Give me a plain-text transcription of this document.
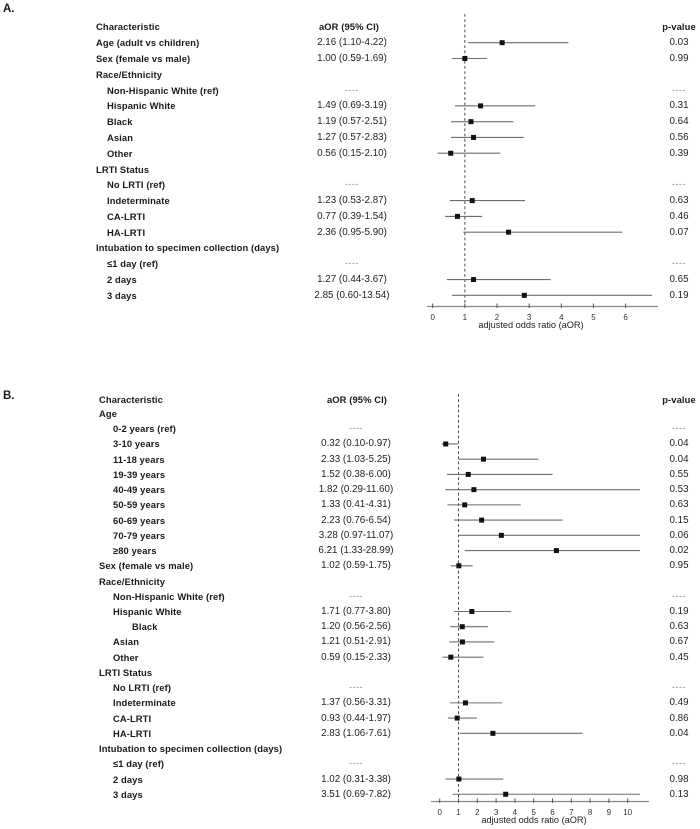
A.
B.
Characteristic	aOR (95% CI)	p-value
Characteristic	aOR (95% CI)	p-value
adjusted odds ratio (aOR)
adjusted odds ratio (aOR)
0	1	2	3	4	5	6
Age (adult vs children)	2.16 (1.10-4.22)	0.03
Sex (female vs male)	1.00 (0.59-1.69)	0.99
Race/Ethnicity
Non-Hispanic White (ref)	----	----
Hispanic White	1.49 (0.69-3.19)	0.31
Black	1.19 (0.57-2.51)	0.64
Asian	1.27 (0.57-2.83)	0.56
Other	0.56 (0.15-2.10)	0.39
LRTI Status
No LRTI (ref)	----	----
Indeterminate	1.23 (0.53-2.87)	0.63
CA-LRTI	0.77 (0.39-1.54)	0.46
HA-LRTI	2.36 (0.95-5.90)	0.07
Intubation to specimen collection (days)
≤1 day (ref)	----	----
2 days	1.27 (0.44-3.67)	0.65
3 days	2.85 (0.60-13.54)	0.19
0 1 2 3 4 5 6 7 8 9 10
Age
0-2 years (ref)	----	----
3-10 years	0.32 (0.10-0.97)	0.04
11-18 years	2.33 (1.03-5.25)	0.04
19-39 years	1.52 (0.38-6.00)	0.55
40-49 years	1.82 (0.29-11.60)	0.53
50-59 years	1.33 (0.41-4.31)	0.63
60-69 years	2.23 (0.76-6.54)	0.15
70-79 years	3.28 (0.97-11.07)	0.06
≥80 years	6.21 (1.33-28.99)	0.02
Sex (female vs male)	1.02 (0.59-1.75)	0.95
Race/Ethnicity
Non-Hispanic White (ref)	----	----
Hispanic White	1.71 (0.77-3.80)	0.19
Black	1.20 (0.56-2.56)	0.63
Asian	1.21 (0.51-2.91)	0.67
Other	0.59 (0.15-2.33)	0.45
LRTI Status
No LRTI (ref)	----	----
Indeterminate	1.37 (0.56-3.31)	0.49
CA-LRTI	0.93 (0.44-1.97)	0.86
HA-LRTI	2.83 (1.06-7.61)	0.04
Intubation to specimen collection (days)
≤1 day (ref)	----	----
2 days	1.02 (0.31-3.38)	0.98
3 days	3.51 (0.69-7.82)	0.13
